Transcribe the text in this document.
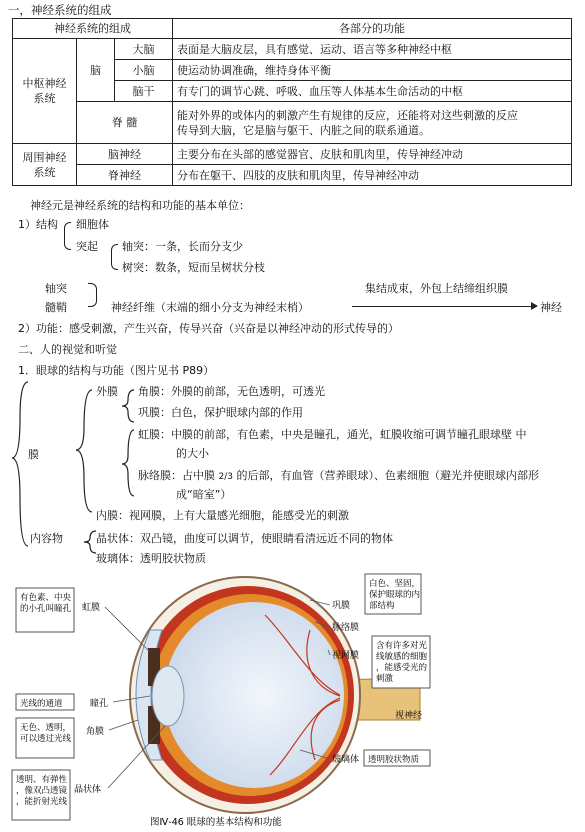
一，神经系统的组成
神经系统的组成			各部分的功能
中枢神经
系统	脑	大脑	表面是大脑皮层，具有感觉、运动、语言等多种神经中枢
		小脑	使运动协调准确，维持身体平衡
		脑干	有专门的调节心跳、呼吸、血压等人体基本生命活动的中枢
	脊 髓		能对外界的或体内的刺激产生有规律的反应，还能将对这些刺激的反应
传导到大脑，它是脑与躯干、内脏之间的联系通道。
周围神经
系统	脑神经		主要分布在头部的感觉器官、皮肤和肌肉里，传导神经冲动
	脊神经		分布在躯干、四肢的皮肤和肌肉里，传导神经冲动
神经元是神经系统的结构和功能的基本单位：
1）结构 细胞体
突起 轴突：一条，长而分支少
树突：数条，短而呈树状分枝
轴突
髓鞘	神经纤维（末端的细小分支为神经末梢）
集结成束，外包上结缔组织膜
神经
2）功能：感受刺激，产生兴奋，传导兴奋（兴奋是以神经冲动的形式传导的）
二、人的视觉和听觉
1．眼球的结构与功能（图片见书 P89）
外膜 角膜：外膜的前部，无色透明，可透光
巩膜：白色，保护眼球内部的作用
虹膜：中膜的前部，有色素，中央是瞳孔，通光，虹膜收缩可调节瞳孔眼球壁 中
的大小
脉络膜：占中膜 2/3 的后部，有血管（营养眼球）、色素细胞（避光并使眼球内部形
成“暗室”）
内膜：视网膜，上有大量感光细胞，能感受光的刺激
膜
内容物	晶状体：双凸镜，曲度可以调节，使眼睛看清远近不同的物体
玻璃体：透明胶状物质
有色素、中央的小孔叫瞳孔 虹膜
光线的通道	瞳孔
无色、透明，可以透过光线
角膜
透明、有弹性，像双凸透镜，能折射光线
晶状体
白色、坚固，保护眼球的内部结构
巩膜
脉络膜
视网膜
含有许多对光线敏感的细胞，能感受光的刺激
视神经
玻璃体 透明胶状物质
图Ⅳ-46 眼球的基本结构和功能
